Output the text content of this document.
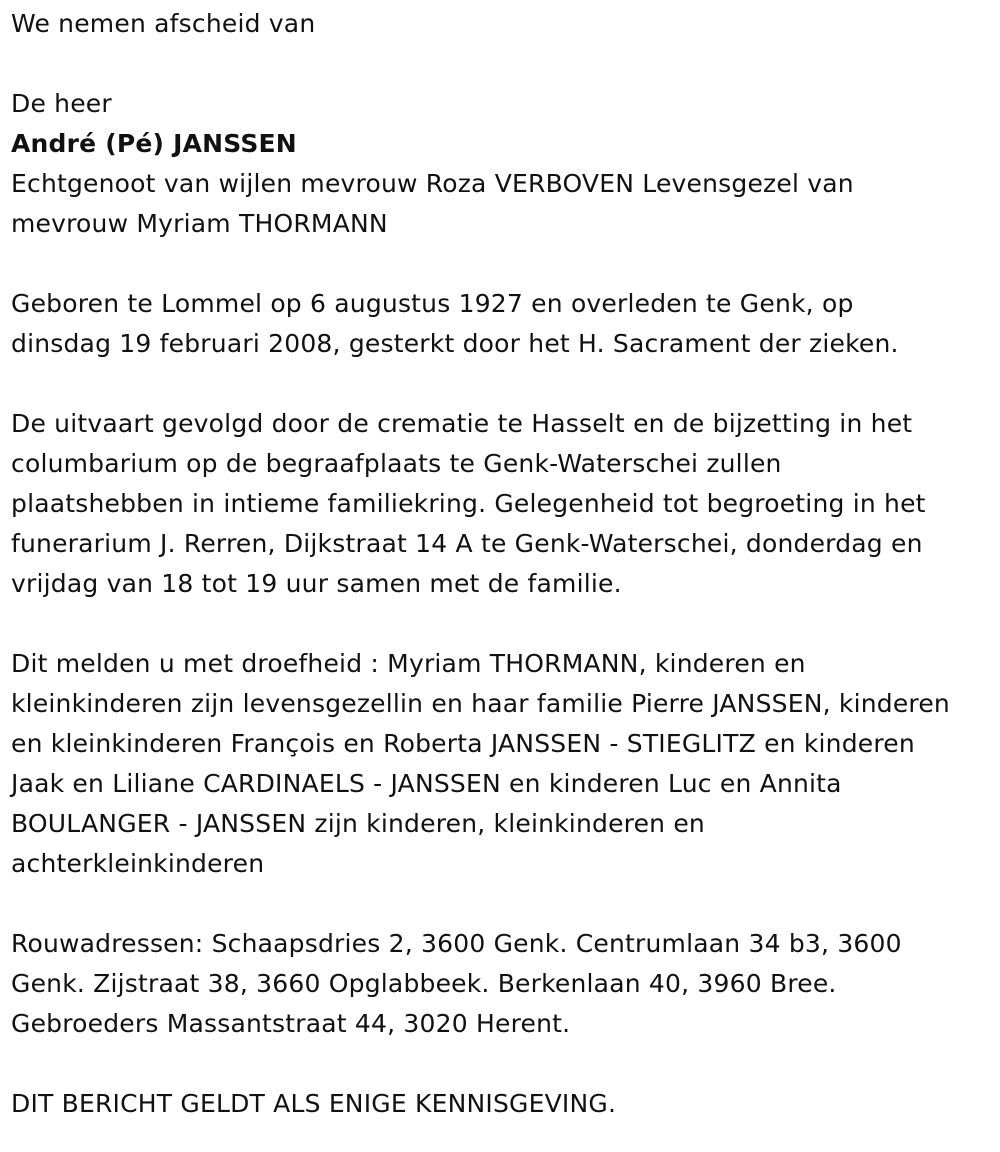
We nemen afscheid van

De heer

André (Pé) JANSSEN

Echtgenoot van wijlen mevrouw Roza VERBOVEN Levensgezel van

mevrouw Myriam THORMANN

Geboren te Lommel op 6 augustus 1927 en overleden te Genk, op

dinsdag 19 februari 2008, gesterkt door het H. Sacrament der zieken.

De uitvaart gevolgd door de crematie te Hasselt en de bijzetting in het

columbarium op de begraafplaats te Genk-Waterschei zullen

plaatshebben in intieme familiekring. Gelegenheid tot begroeting in het

funerarium J. Rerren, Dijkstraat 14 A te Genk-Waterschei, donderdag en

vrijdag van 18 tot 19 uur samen met de familie.

Dit melden u met droefheid : Myriam THORMANN, kinderen en

kleinkinderen zijn levensgezellin en haar familie Pierre JANSSEN, kinderen

en kleinkinderen François en Roberta JANSSEN - STIEGLITZ en kinderen

Jaak en Liliane CARDINAELS - JANSSEN en kinderen Luc en Annita

BOULANGER - JANSSEN zijn kinderen, kleinkinderen en

achterkleinkinderen

Rouwadressen: Schaapsdries 2, 3600 Genk. Centrumlaan 34 b3, 3600

Genk. Zijstraat 38, 3660 Opglabbeek. Berkenlaan 40, 3960 Bree.

Gebroeders Massantstraat 44, 3020 Herent.

DIT BERICHT GELDT ALS ENIGE KENNISGEVING.
